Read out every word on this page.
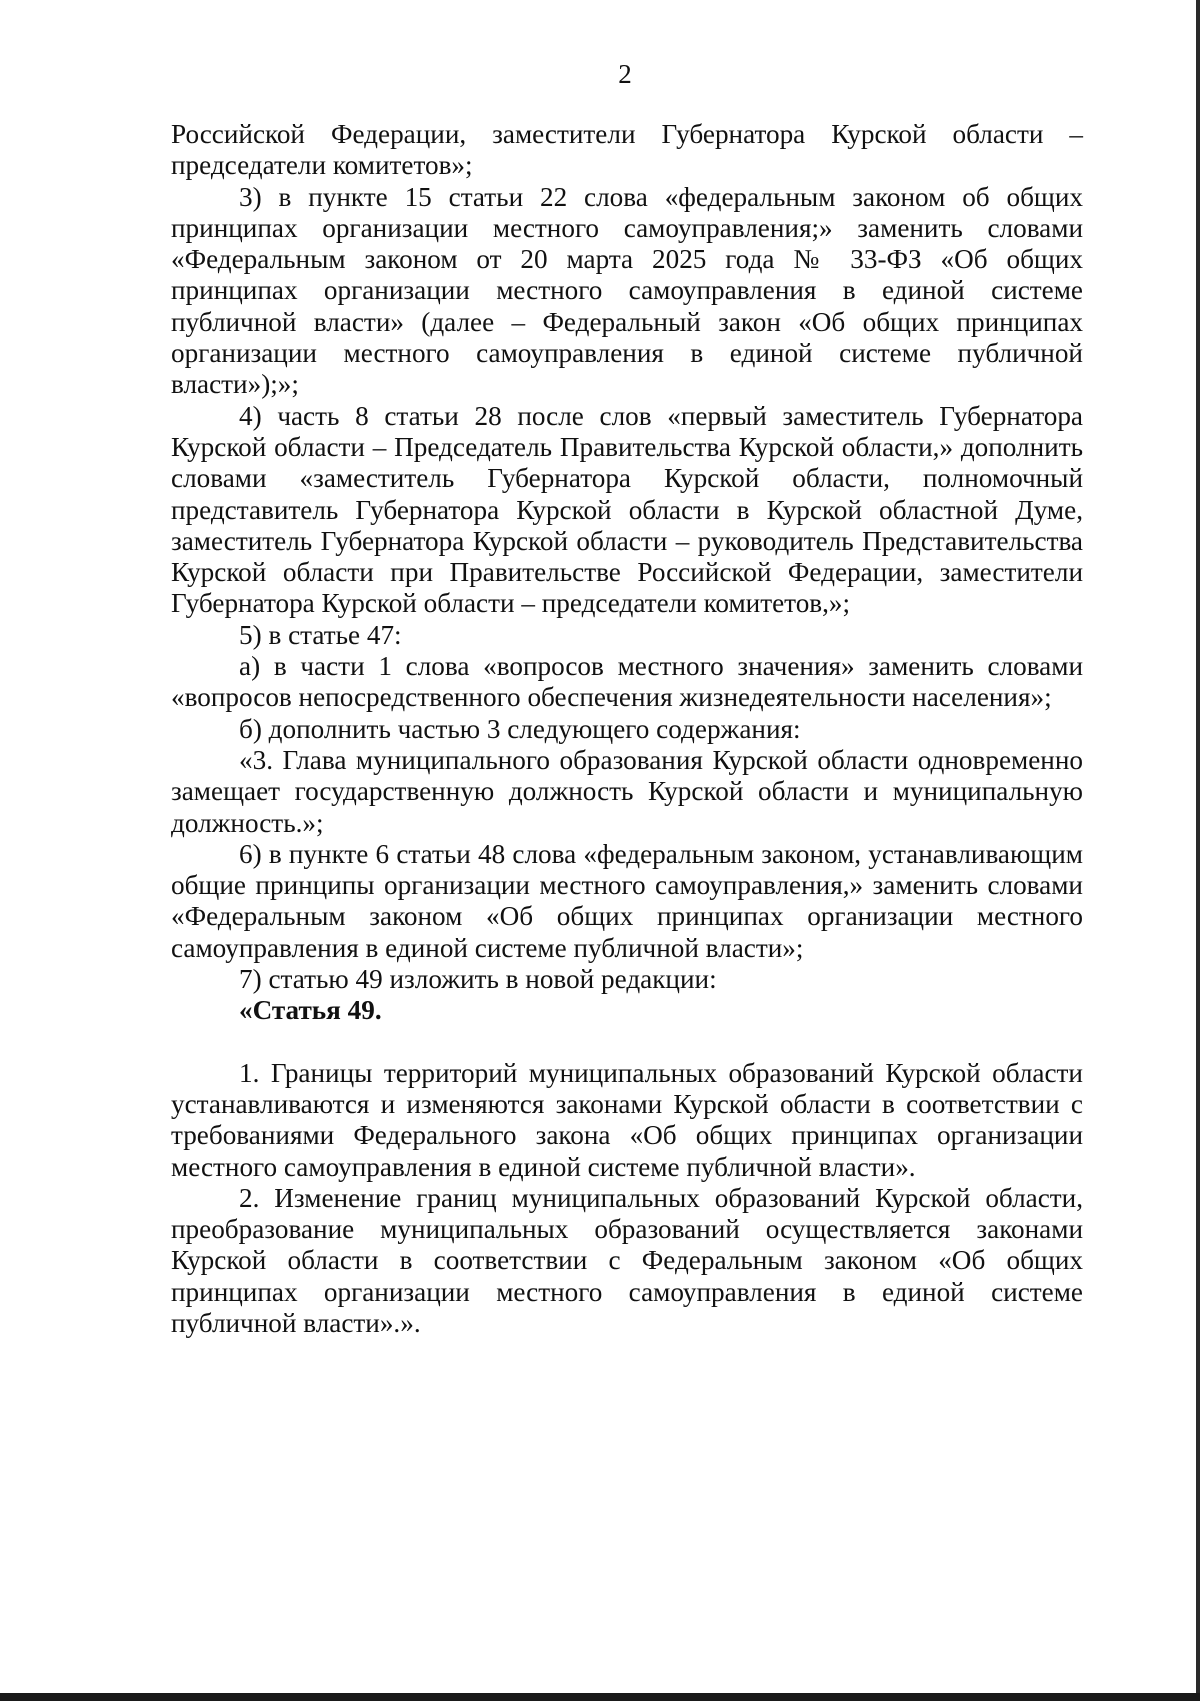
2

Российской Федерации, заместители Губернатора Курской области – председатели комитетов»;

3) в пункте 15 статьи 22 слова «федеральным законом об общих принципах организации местного самоуправления;» заменить словами «Федеральным законом от 20 марта 2025 года № 33-ФЗ «Об общих принципах организации местного самоуправления в единой системе публичной власти» (далее – Федеральный закон «Об общих принципах организации местного самоуправления в единой системе публичной власти»);»;

4) часть 8 статьи 28 после слов «первый заместитель Губернатора Курской области – Председатель Правительства Курской области,» дополнить словами «заместитель Губернатора Курской области, полномочный представитель Губернатора Курской области в Курской областной Думе, заместитель Губернатора Курской области – руководитель Представительства Курской области при Правительстве Российской Федерации, заместители Губернатора Курской области – председатели комитетов,»;

5) в статье 47:

а) в части 1 слова «вопросов местного значения» заменить словами «вопросов непосредственного обеспечения жизнедеятельности населения»;

б) дополнить частью 3 следующего содержания:

«3. Глава муниципального образования Курской области одновременно замещает государственную должность Курской области и муниципальную должность.»;

6) в пункте 6 статьи 48 слова «федеральным законом, устанавливающим общие принципы организации местного самоуправления,» заменить словами «Федеральным законом «Об общих принципах организации местного самоуправления в единой системе публичной власти»;

7) статью 49 изложить в новой редакции:

«Статья 49.

1. Границы территорий муниципальных образований Курской области устанавливаются и изменяются законами Курской области в соответствии с требованиями Федерального закона «Об общих принципах организации местного самоуправления в единой системе публичной власти».

2. Изменение границ муниципальных образований Курской области, преобразование муниципальных образований осуществляется законами Курской области в соответствии с Федеральным законом «Об общих принципах организации местного самоуправления в единой системе публичной власти».».
